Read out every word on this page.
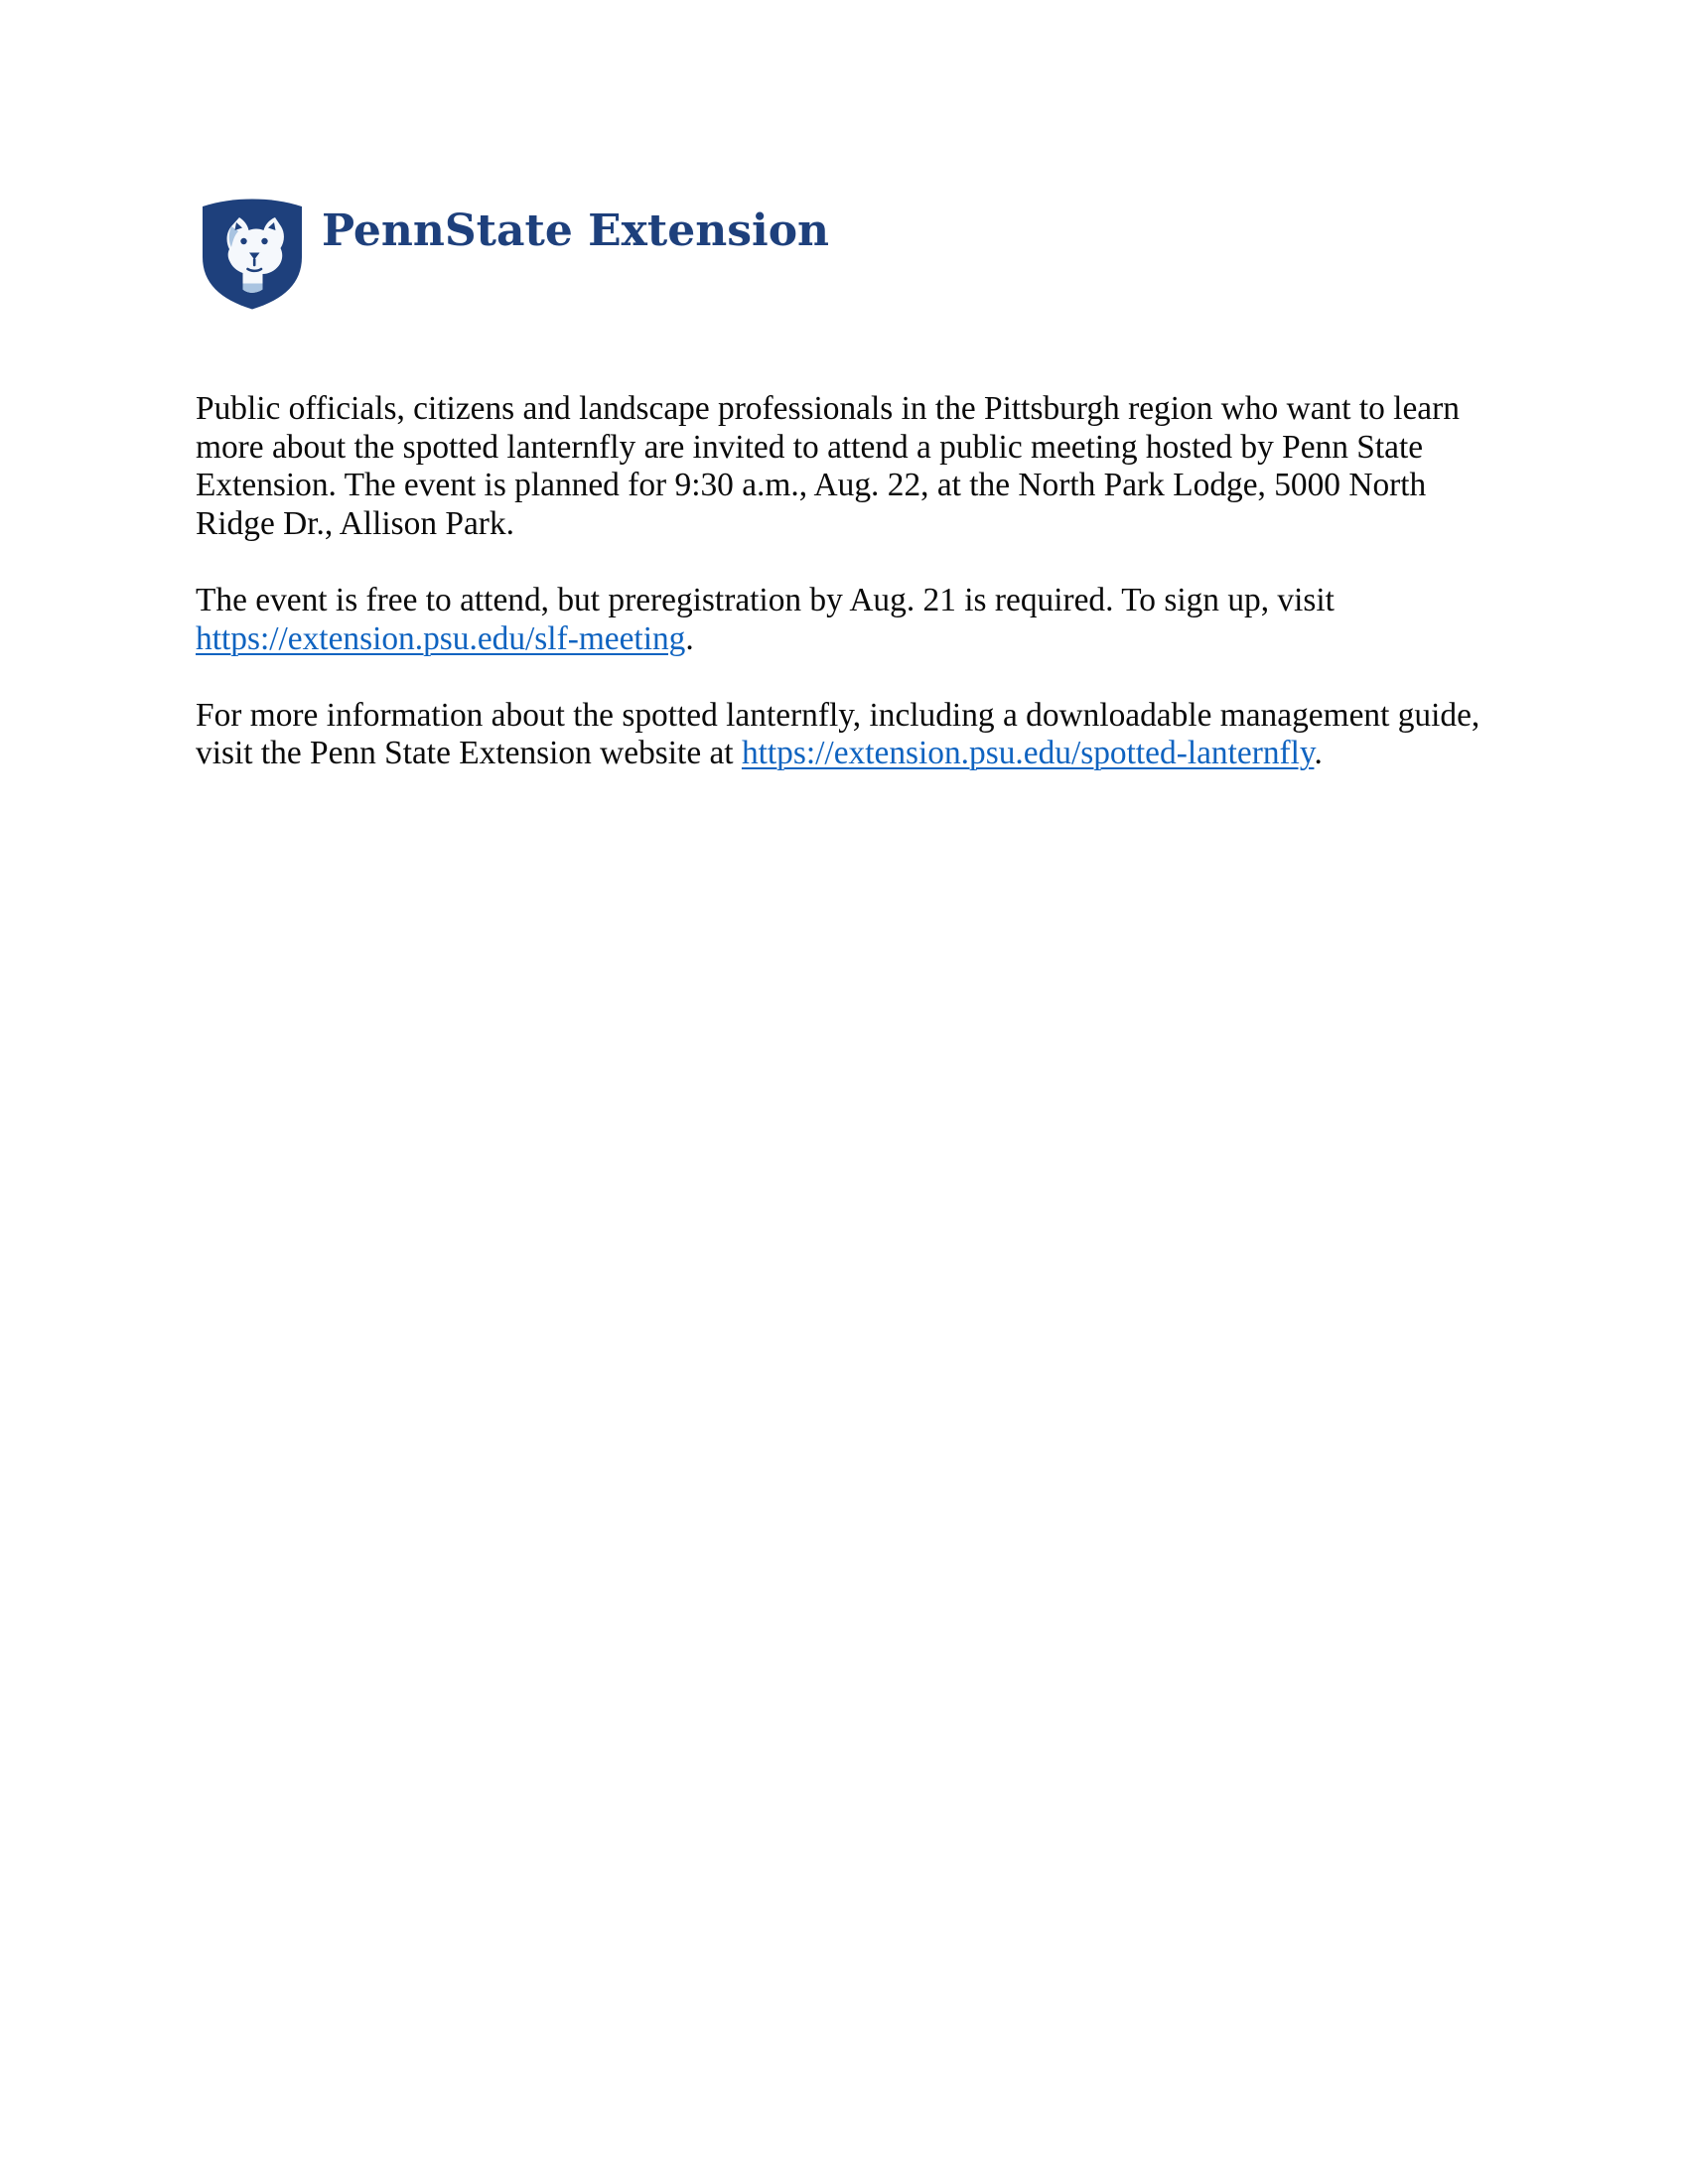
PennState Extension

Public officials, citizens and landscape professionals in the Pittsburgh region who want to learn more about the spotted lanternfly are invited to attend a public meeting hosted by Penn State Extension. The event is planned for 9:30 a.m., Aug. 22, at the North Park Lodge, 5000 North Ridge Dr., Allison Park.

The event is free to attend, but preregistration by Aug. 21 is required. To sign up, visit https://extension.psu.edu/slf-meeting.

For more information about the spotted lanternfly, including a downloadable management guide, visit the Penn State Extension website at https://extension.psu.edu/spotted-lanternfly.
